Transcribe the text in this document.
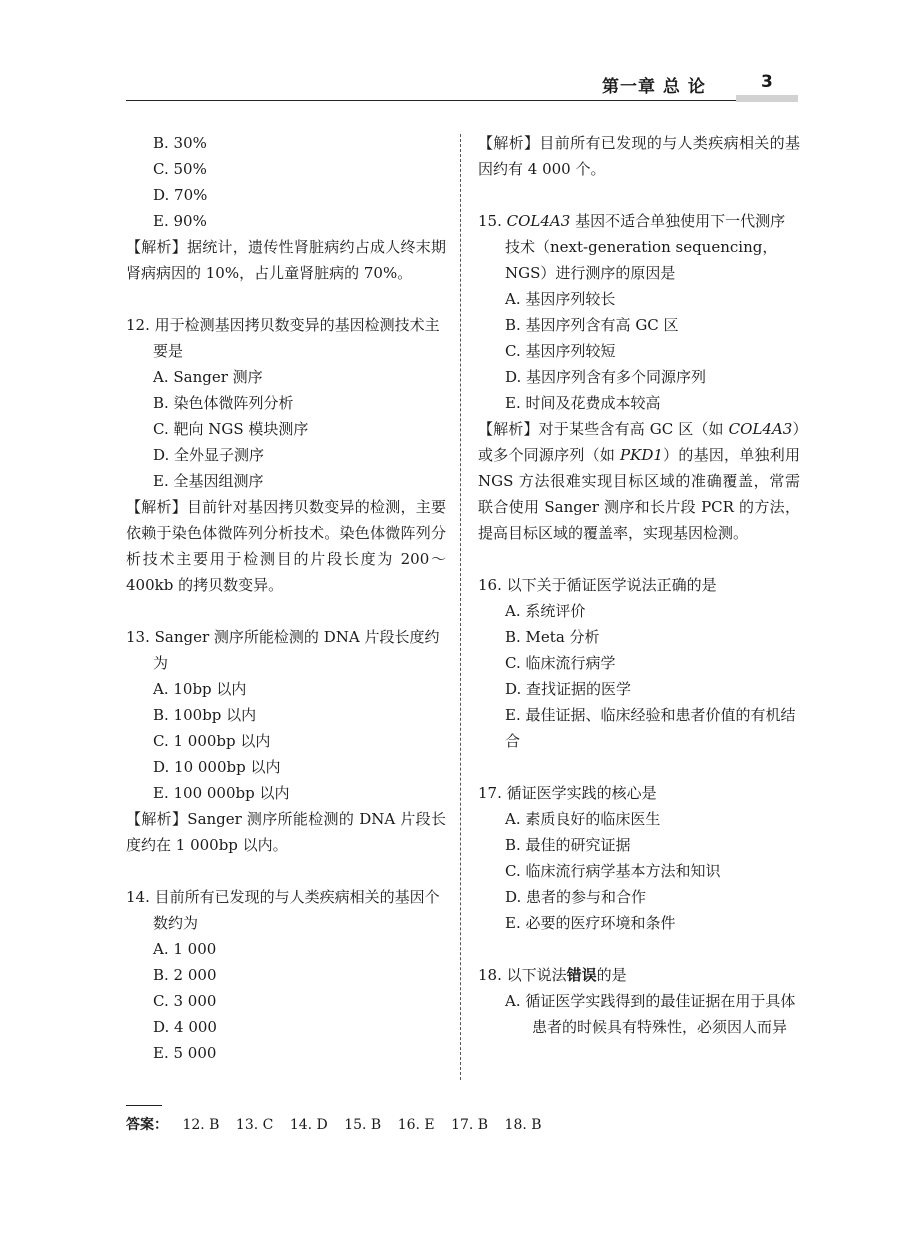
第一章 总 论	3

B. 30%

C. 50%

D. 70%

E. 90%

【解析】据统计，遗传性肾脏病约占成人终末期肾病病因的 10%，占儿童肾脏病的 70%。

12. 用于检测基因拷贝数变异的基因检测技术主要是

A. Sanger 测序

B. 染色体微阵列分析

C. 靶向 NGS 模块测序

D. 全外显子测序

E. 全基因组测序

【解析】目前针对基因拷贝数变异的检测，主要依赖于染色体微阵列分析技术。染色体微阵列分析技术主要用于检测目的片段长度为 200～400kb 的拷贝数变异。

13. Sanger 测序所能检测的 DNA 片段长度约为

A. 10bp 以内

B. 100bp 以内

C. 1 000bp 以内

D. 10 000bp 以内

E. 100 000bp 以内

【解析】Sanger 测序所能检测的 DNA 片段长度约在 1 000bp 以内。

14. 目前所有已发现的与人类疾病相关的基因个数约为

A. 1 000

B. 2 000

C. 3 000

D. 4 000

E. 5 000

【解析】目前所有已发现的与人类疾病相关的基因约有 4 000 个。

15. COL4A3 基因不适合单独使用下一代测序技术（next-generation sequencing，NGS）进行测序的原因是

A. 基因序列较长

B. 基因序列含有高 GC 区

C. 基因序列较短

D. 基因序列含有多个同源序列

E. 时间及花费成本较高

【解析】对于某些含有高 GC 区（如 COL4A3）或多个同源序列（如 PKD1）的基因，单独利用 NGS 方法很难实现目标区域的准确覆盖，常需联合使用 Sanger 测序和长片段 PCR 的方法，提高目标区域的覆盖率，实现基因检测。

16. 以下关于循证医学说法正确的是

A. 系统评价

B. Meta 分析

C. 临床流行病学

D. 查找证据的医学

E. 最佳证据、临床经验和患者价值的有机结合

17. 循证医学实践的核心是

A. 素质良好的临床医生

B. 最佳的研究证据

C. 临床流行病学基本方法和知识

D. 患者的参与和合作

E. 必要的医疗环境和条件

18. 以下说法错误的是

A. 循证医学实践得到的最佳证据在用于具体患者的时候具有特殊性，必须因人而异

答案： 12. B 13. C 14. D 15. B 16. E 17. B 18. B
